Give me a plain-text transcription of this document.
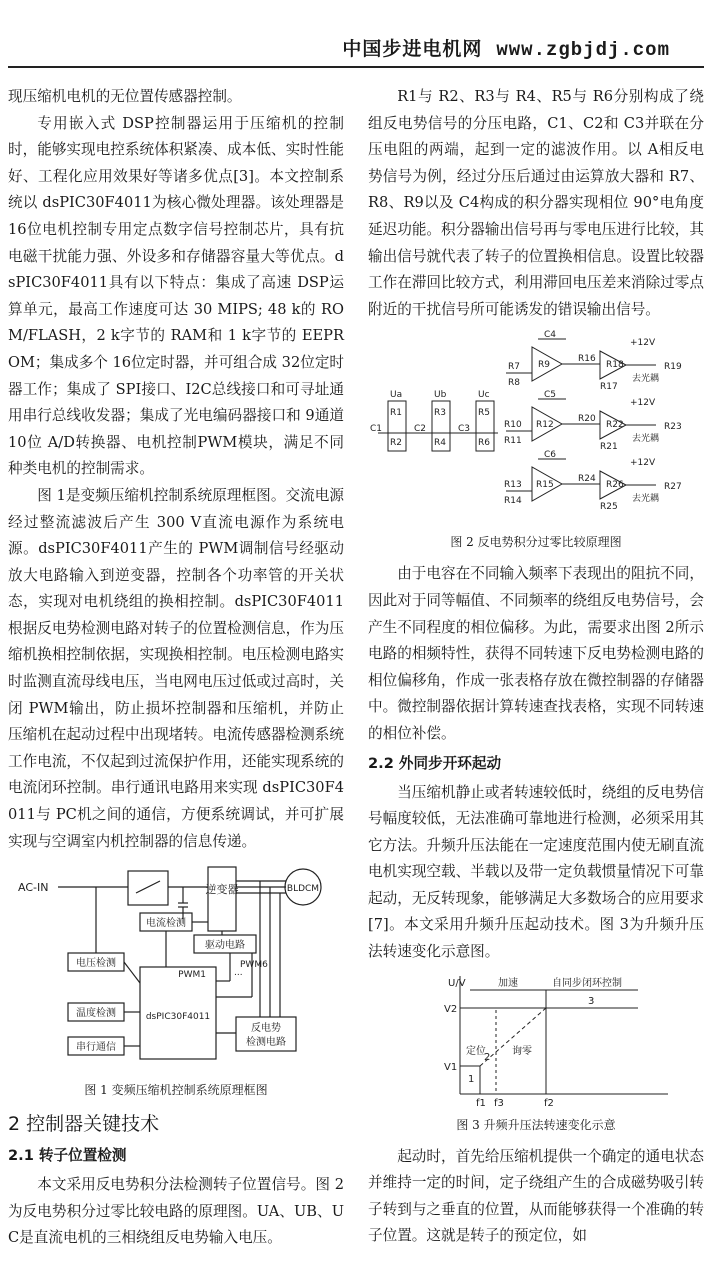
中国步进电机网 www.zgbjdj.com

现压缩机电机的无位置传感器控制。

专用嵌入式 DSP控制器运用于压缩机的控制时，能够实现电控系统体积紧凑、成本低、实时性能好、工程化应用效果好等诸多优点[3]。本文控制系统以 dsPIC30F4011为核心微处理器。该处理器是 16位电机控制专用定点数字信号控制芯片，具有抗电磁干扰能力强、外设多和存储器容量大等优点。dsPIC30F4011具有以下特点：集成了高速 DSP运算单元，最高工作速度可达 30 MIPS; 48 k的 ROM/FLASH，2 k字节的 RAM和 1 k字节的 EEPROM；集成多个 16位定时器，并可组合成 32位定时器工作；集成了 SPI接口、I2C总线接口和可寻址通用串行总线收发器；集成了光电编码器接口和 9通道 10位 A/D转换器、电机控制PWM模块，满足不同种类电机的控制需求。

图 1是变频压缩机控制系统原理框图。交流电源经过整流滤波后产生 300 V直流电源作为系统电源。dsPIC30F4011产生的 PWM调制信号经驱动放大电路输入到逆变器，控制各个功率管的开关状态，实现对电机绕组的换相控制。dsPIC30F4011根据反电势检测电路对转子的位置检测信息，作为压缩机换相控制依据，实现换相控制。电压检测电路实时监测直流母线电压，当电网电压过低或过高时，关闭 PWM输出，防止损坏控制器和压缩机，并防止压缩机在起动过程中出现堵转。电流传感器检测系统工作电流，不仅起到过流保护作用，还能实现系统的电流闭环控制。串行通讯电路用来实现 dsPIC30F4011与 PC机之间的通信，方便系统调试，并可扩展实现与空调室内机控制器的信息传递。

AC-IN	逆变器	BLDCM
电流检测
驱动电路
电压检测
PWM1
PWM6
...
dsPIC30F4011
温度检测
串行通信
反电势
检测电路
图 1 变频压缩机控制系统原理框图
2 控制器关键技术
2.1 转子位置检测

本文采用反电势积分法检测转子位置信号。图 2为反电势积分过零比较电路的原理图。UA、UB、UC是直流电机的三相绕组反电势输入电压。

R1与 R2、R3与 R4、R5与 R6分别构成了绕组反电势信号的分压电路，C1、C2和 C3并联在分压电阻的两端，起到一定的滤波作用。以 A相反电势信号为例，经过分压后通过由运算放大器和 R7、R8、R9以及 C4构成的积分器实现相位 90°电角度延迟功能。积分器输出信号再与零电压进行比较，其输出信号就代表了转子的位置换相信息。设置比较器工作在滞回比较方式，利用滞回电压差来消除过零点附近的干扰信号所可能诱发的错误输出信号。

C4
C5
C6
R7
R8
R9
R10
R11
R12
R13
R14
R15
R16
R17
R18	R19
R20
R21
R22	R23
R24
R25
R26	R27
R1
R2
R3
R4
R5
R6
C1	C2	C3
Ua	Ub	Uc
+12V
+12V
+12V
去光耦
去光耦
去光耦
图 2 反电势积分过零比较原理图

由于电容在不同输入频率下表现出的阻抗不同，因此对于同等幅值、不同频率的绕组反电势信号，会产生不同程度的相位偏移。为此，需要求出图 2所示电路的相频特性，获得不同转速下反电势检测电路的相位偏移角，作成一张表格存放在微控制器的存储器中。微控制器依据计算转速查找表格，实现不同转速的相位补偿。

2.2 外同步开环起动

当压缩机静止或者转速较低时，绕组的反电势信号幅度较低，无法准确可靠地进行检测，必须采用其它方法。升频升压法能在一定速度范围内使无刷直流电机实现空载、半载以及带一定负载惯量情况下可靠起动，无反转现象，能够满足大多数场合的应用要求[7]。本文采用升频升压起动技术。图 3为升频升压法转速变化示意图。

U/V
V2
V1
f1 f3	f2
加速	自同步闭环控制
1
2
3
定位	询零
图 3 升频升压法转速变化示意

起动时，首先给压缩机提供一个确定的通电状态并维持一定的时间，定子绕组产生的合成磁势吸引转子转到与之垂直的位置，从而能够获得一个准确的转子位置。这就是转子的预定位，如
